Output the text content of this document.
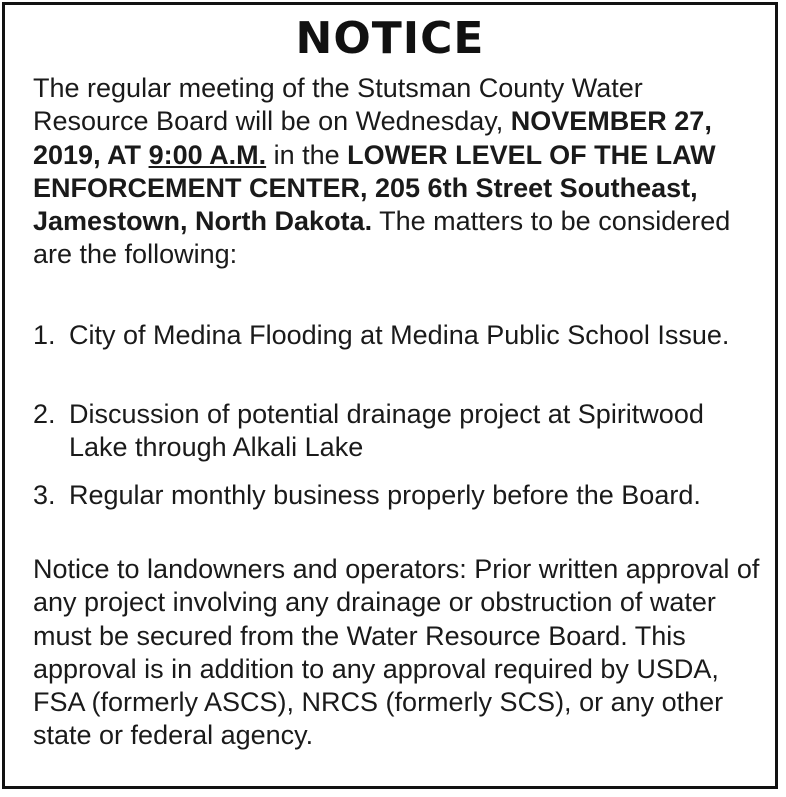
NOTICE
The regular meeting of the Stutsman County Water Resource Board will be on Wednesday, NOVEMBER 27, 2019, AT 9:00 A.M. in the LOWER LEVEL OF THE LAW ENFORCEMENT CENTER, 205 6th Street Southeast, Jamestown, North Dakota. The matters to be considered are the following:
1. City of Medina Flooding at Medina Public School Issue.
2. Discussion of potential drainage project at Spiritwood Lake through Alkali Lake
3. Regular monthly business properly before the Board.
Notice to landowners and operators: Prior written approval of any project involving any drainage or obstruction of water must be secured from the Water Resource Board. This approval is in addition to any approval required by USDA, FSA (formerly ASCS), NRCS (formerly SCS), or any other state or federal agency.
